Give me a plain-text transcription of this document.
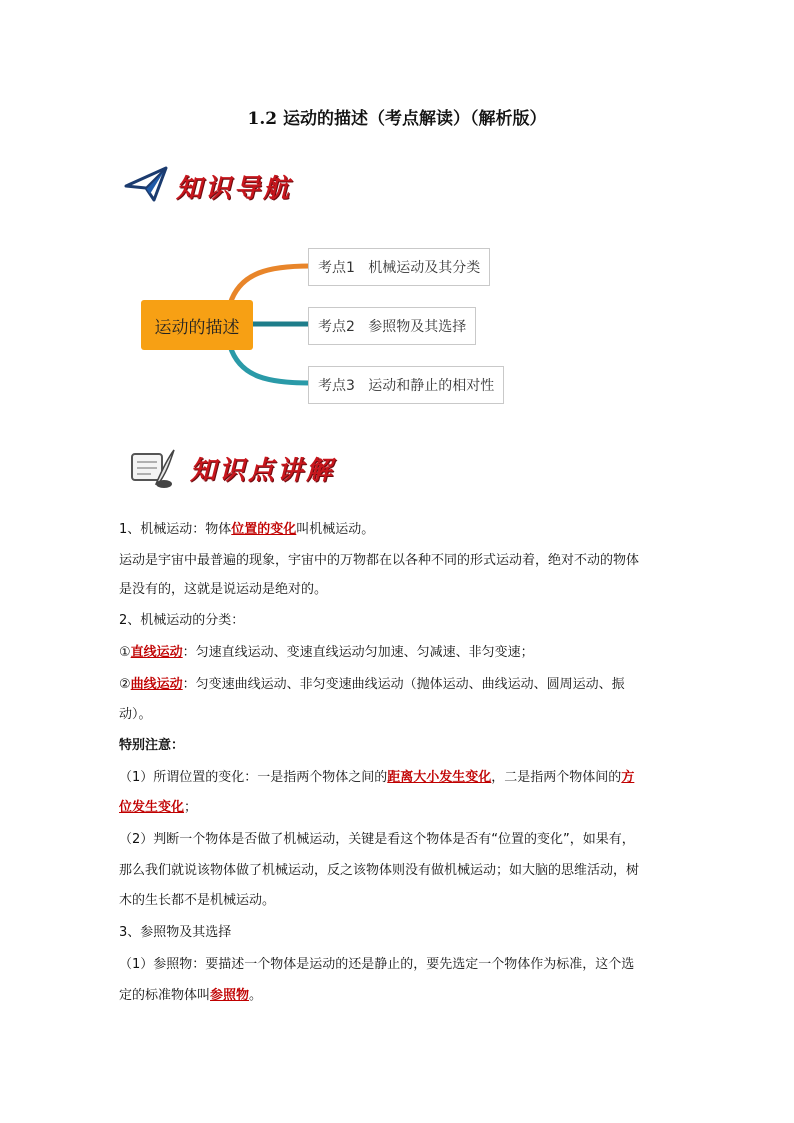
1.2 运动的描述（考点解读）（解析版）
知识导航
运动的描述
考点1   机械运动及其分类
考点2   参照物及其选择
考点3   运动和静止的相对性
知识点讲解
1、机械运动：物体位置的变化叫机械运动。
运动是宇宙中最普遍的现象，宇宙中的万物都在以各种不同的形式运动着，绝对不动的物体
是没有的，这就是说运动是绝对的。
2、机械运动的分类：
①直线运动：匀速直线运动、变速直线运动匀加速、匀减速、非匀变速；
②曲线运动：匀变速曲线运动、非匀变速曲线运动（抛体运动、曲线运动、圆周运动、振
动）。
特别注意：
（1）所谓位置的变化：一是指两个物体之间的距离大小发生变化，二是指两个物体间的方
位发生变化；
（2）判断一个物体是否做了机械运动，关键是看这个物体是否有“位置的变化”，如果有，
那么我们就说该物体做了机械运动，反之该物体则没有做机械运动；如大脑的思维活动，树
木的生长都不是机械运动。
3、参照物及其选择
（1）参照物：要描述一个物体是运动的还是静止的，要先选定一个物体作为标准，这个选
定的标准物体叫参照物。
